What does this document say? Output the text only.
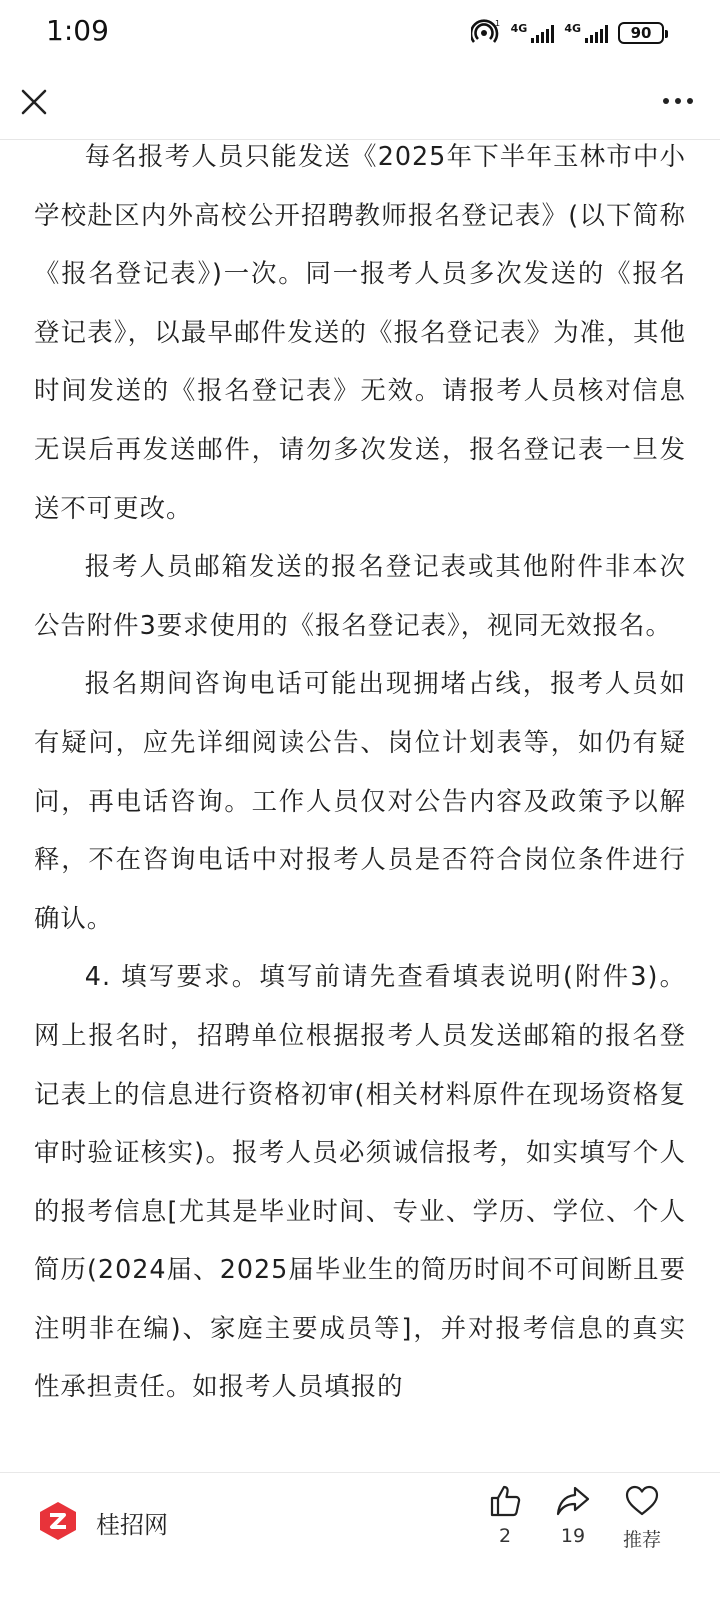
1:09	1 4G	4G	90

每名报考人员只能发送《2025年下半年玉林市中小学校赴区内外高校公开招聘教师报名登记表》(以下简称《报名登记表》)一次。同一报考人员多次发送的《报名登记表》，以最早邮件发送的《报名登记表》为准，其他时间发送的《报名登记表》无效。请报考人员核对信息无误后再发送邮件，请勿多次发送，报名登记表一旦发送不可更改。

报考人员邮箱发送的报名登记表或其他附件非本次公告附件3要求使用的《报名登记表》，视同无效报名。

报名期间咨询电话可能出现拥堵占线，报考人员如有疑问，应先详细阅读公告、岗位计划表等，如仍有疑问，再电话咨询。工作人员仅对公告内容及政策予以解释，不在咨询电话中对报考人员是否符合岗位条件进行确认。

4. 填写要求。填写前请先查看填表说明(附件3)。网上报名时，招聘单位根据报考人员发送邮箱的报名登记表上的信息进行资格初审(相关材料原件在现场资格复审时验证核实)。报考人员必须诚信报考，如实填写个人的报考信息[尤其是毕业时间、专业、学历、学位、个人简历(2024届、2025届毕业生的简历时间不可间断且要注明非在编)、家庭主要成员等]，并对报考信息的真实性承担责任。如报考人员填报的

桂招网	2	19	推荐
